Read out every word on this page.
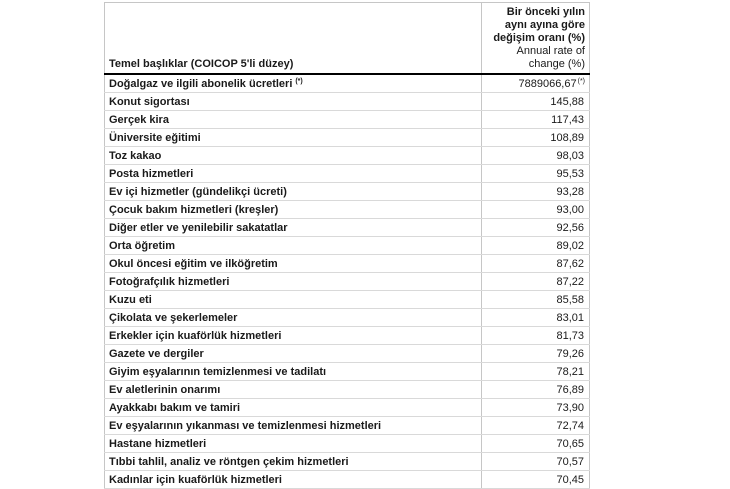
Temel başlıklar (COICOP 5'li düzey)	Bir önceki yılın
aynı ayına göre
değişim oranı (%)
Annual rate of
change (%)

Doğalgaz ve ilgili abonelik ücretleri (*)	7889066,67(*)
Konut sigortası	145,88
Gerçek kira	117,43
Üniversite eğitimi	108,89
Toz kakao	98,03
Posta hizmetleri	95,53
Ev içi hizmetler (gündelikçi ücreti)	93,28
Çocuk bakım hizmetleri (kreşler)	93,00
Diğer etler ve yenilebilir sakatatlar	92,56
Orta öğretim	89,02
Okul öncesi eğitim ve ilköğretim	87,62
Fotoğrafçılık hizmetleri	87,22
Kuzu eti	85,58
Çikolata ve şekerlemeler	83,01
Erkekler için kuaförlük hizmetleri	81,73
Gazete ve dergiler	79,26
Giyim eşyalarının temizlenmesi ve tadilatı	78,21
Ev aletlerinin onarımı	76,89
Ayakkabı bakım ve tamiri	73,90
Ev eşyalarının yıkanması ve temizlenmesi hizmetleri	72,74
Hastane hizmetleri	70,65
Tıbbi tahlil, analiz ve röntgen çekim hizmetleri	70,57
Kadınlar için kuaförlük hizmetleri	70,45
